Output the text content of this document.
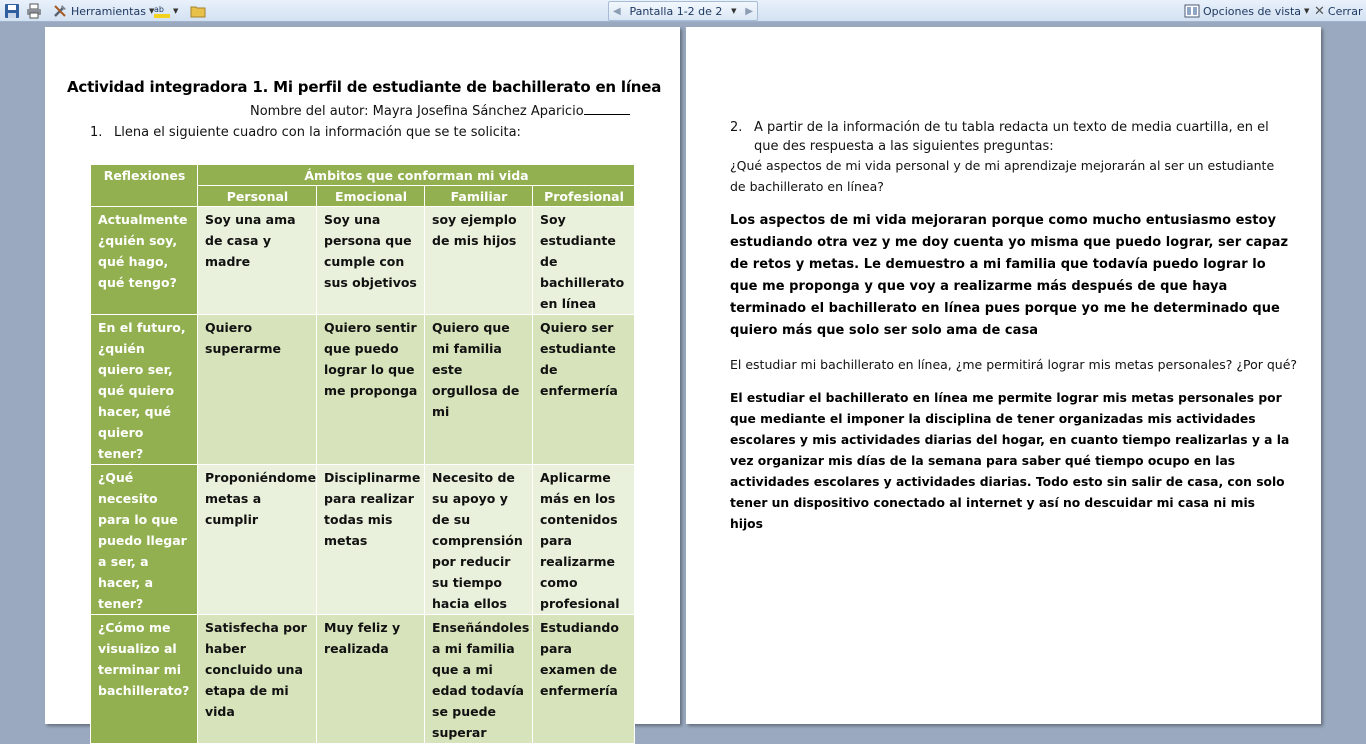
Herramientas ▼ ab ▼	◀ Pantalla 1-2 de 2 ▼ ▶	Opciones de vista ▼ ✕ Cerrar
Actividad integradora 1. Mi perfil de estudiante de bachillerato en línea
Nombre del autor: Mayra Josefina Sánchez Aparicio
1. Llena el siguiente cuadro con la información que se te solicita:
Reflexiones	Ámbitos que conforman mi vida			
	Personal	Emocional	Familiar	Profesional
Actualmente ¿quién soy, qué hago, qué tengo?	Soy una ama de casa y madre	Soy una persona que cumple con sus objetivos	soy ejemplo de mis hijos	Soy estudiante de bachillerato en línea
En el futuro, ¿quién quiero ser, qué quiero hacer, qué quiero tener?	Quiero superarme	Quiero sentir que puedo lograr lo que me proponga	Quiero que mi familia este orgullosa de mi	Quiero ser estudiante de enfermería
¿Qué necesito para lo que puedo llegar a ser, a hacer, a tener?	Proponiéndome metas a cumplir	Disciplinarme para realizar todas mis metas	Necesito de su apoyo y de su comprensión por reducir su tiempo hacia ellos	Aplicarme más en los contenidos para realizarme como profesional
¿Cómo me visualizo al terminar mi bachillerato?	Satisfecha por haber concluido una etapa de mi vida	Muy feliz y realizada	Enseñándoles a mi familia que a mi edad todavía se puede superar	Estudiando para examen de enfermería
2. A partir de la información de tu tabla redacta un texto de media cuartilla, en el
que des respuesta a las siguientes preguntas:
¿Qué aspectos de mi vida personal y de mi aprendizaje mejorarán al ser un estudiante de bachillerato en línea?
Los aspectos de mi vida mejoraran porque como mucho entusiasmo estoy estudiando otra vez y me doy cuenta yo misma que puedo lograr, ser capaz de retos y metas. Le demuestro a mi familia que todavía puedo lograr lo que me proponga y que voy a realizarme más después de que haya terminado el bachillerato en línea pues porque yo me he determinado que quiero más que solo ser solo ama de casa
El estudiar mi bachillerato en línea, ¿me permitirá lograr mis metas personales? ¿Por qué?
El estudiar el bachillerato en línea me permite lograr mis metas personales por que mediante el imponer la disciplina de tener organizadas mis actividades escolares y mis actividades diarias del hogar, en cuanto tiempo realizarlas y a la vez organizar mis días de la semana para saber qué tiempo ocupo en las actividades escolares y actividades diarias. Todo esto sin salir de casa, con solo tener un dispositivo conectado al internet y así no descuidar mi casa ni mis hijos
